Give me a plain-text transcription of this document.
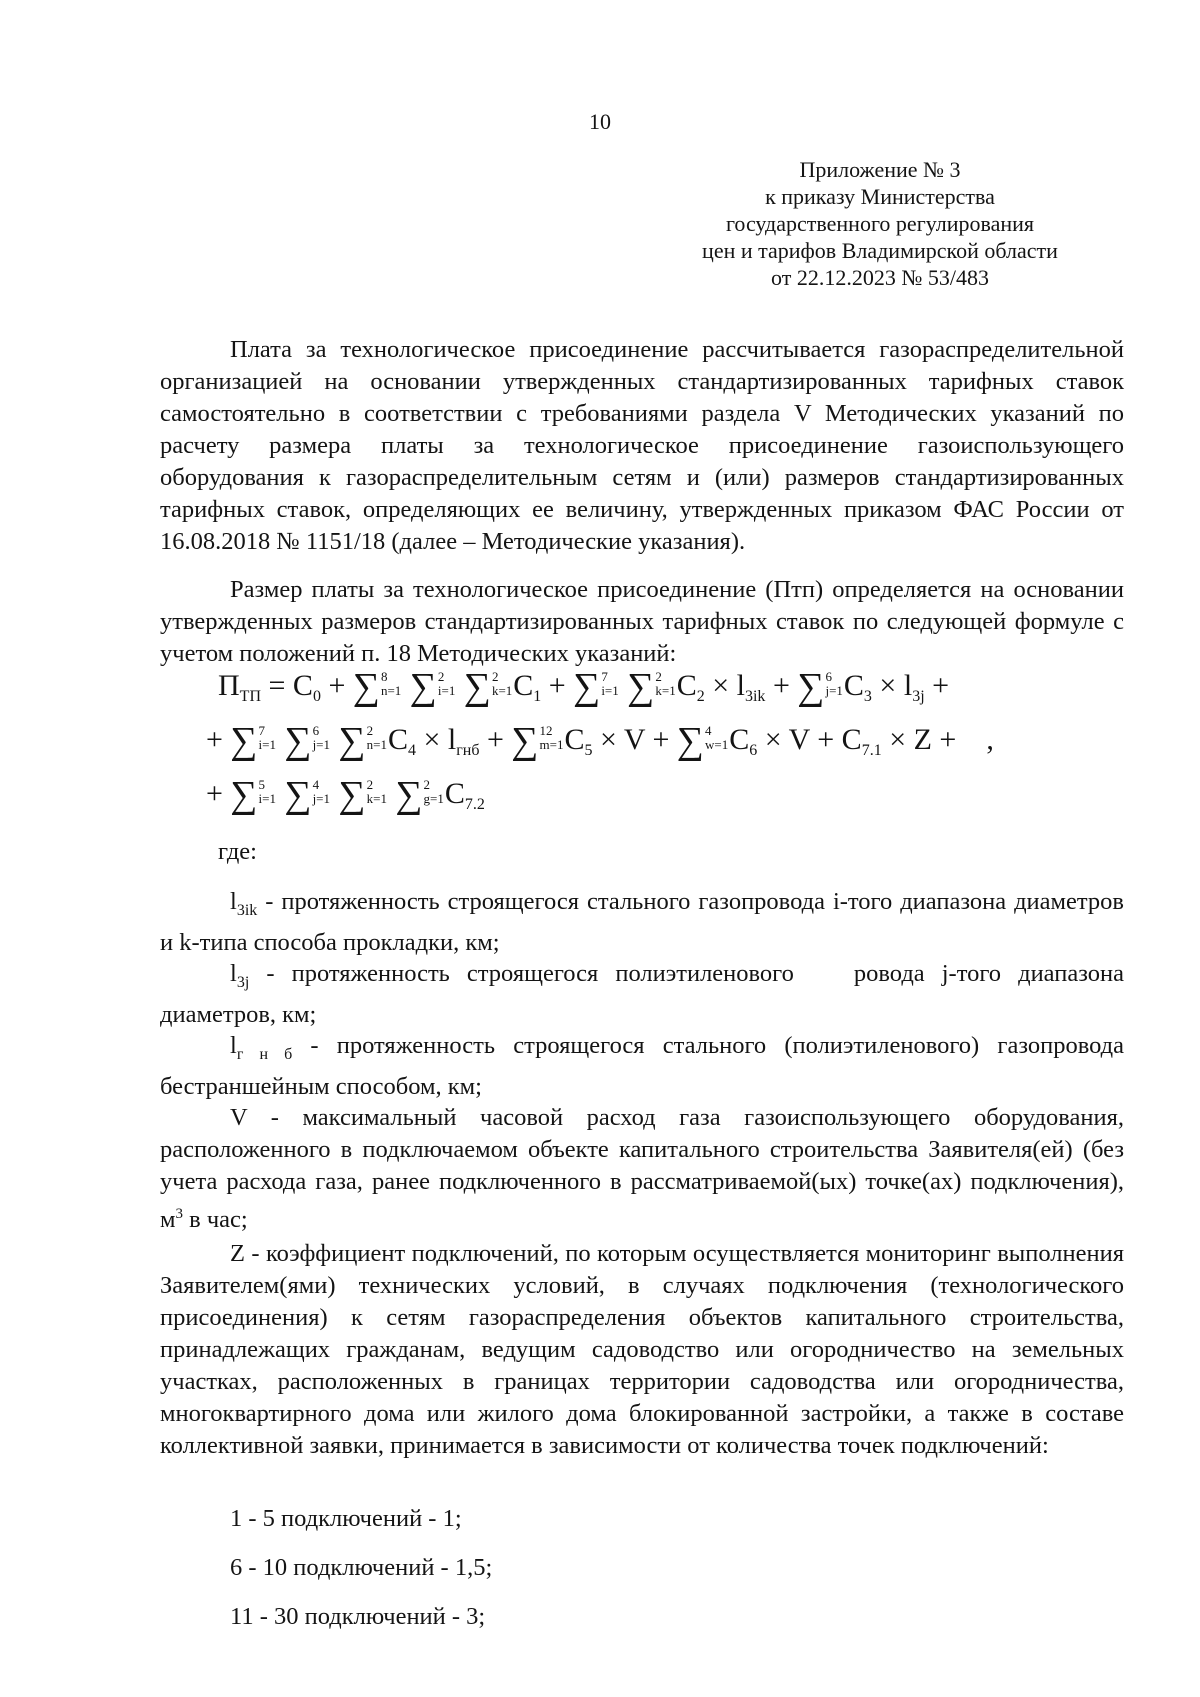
10
Приложение № 3
к приказу Министерства
государственного регулирования
цен и тарифов Владимирской области
от 22.12.2023 № 53/483

Плата за технологическое присоединение рассчитывается газораспределительной организацией на основании утвержденных стандартизированных тарифных ставок самостоятельно в соответствии с требованиями раздела V Методических указаний по расчету размера платы за технологическое присоединение газоиспользующего оборудования к газораспределительным сетям и (или) размеров стандартизированных тарифных ставок, определяющих ее величину, утвержденных приказом ФАС России от 16.08.2018 № 1151/18 (далее – Методические указания).

Размер платы за технологическое присоединение (Птп) определяется на основании утвержденных размеров стандартизированных тарифных ставок по следующей формуле с учетом положений п. 18 Методических указаний:

$П_{ТП} = C_0$ + ∑ 8
n=1 ∑ 2
i=1 ∑ 2
k=1 $C_1$ + ∑ 7
i=1 ∑ 2
k=1 $C_2 \times l_{3ik}$ + ∑ 6
j=1 $C_3 \times l_{3j}$ +
+ ∑ 7
i=1 ∑ 6
j=1 ∑ 2
n=1 $C_4 \times l_{гнб}$ + ∑ 12
m=1 $C_5 \times V$ + ∑ 4
w=1 $C_6 \times V + C_{7.1} \times Z$ +    ,
+ ∑ 5
i=1 ∑ 4
j=1 ∑ 2
k=1 ∑ 2
g=1 $C_{7.2}$
где:

$l_{3ik}$ - протяженность строящегося стального газопровода i-того диапазона диаметров и k-типа способа прокладки, км;

$l_{3j}$ - протяженность строящегося полиэтиленового ровода j-того диапазона диаметров, км;

$l_{г н б}$ - протяженность строящегося стального (полиэтиленового) газопровода бестраншейным способом, км;

V - максимальный часовой расход газа газоиспользующего оборудования, расположенного в подключаемом объекте капитального строительства Заявителя(ей) (без учета расхода газа, ранее подключенного в рассматриваемой(ых) точке(ах) подключения), $м^3$ в час;

Z - коэффициент подключений, по которым осуществляется мониторинг выполнения Заявителем(ями) технических условий, в случаях подключения (технологического присоединения) к сетям газораспределения объектов капитального строительства, принадлежащих гражданам, ведущим садоводство или огородничество на земельных участках, расположенных в границах территории садоводства или огородничества, многоквартирного дома или жилого дома блокированной застройки, а также в составе коллективной заявки, принимается в зависимости от количества точек подключений:

1 - 5 подключений - 1;
6 - 10 подключений - 1,5;
11 - 30 подключений - 3;
